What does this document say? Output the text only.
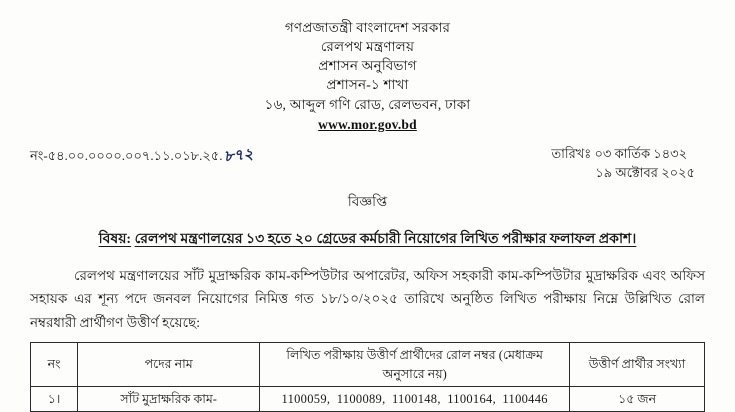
গণপ্রজাতন্ত্রী বাংলাদেশ সরকার
রেলপথ মন্ত্রণালয়
প্রশাসন অনুবিভাগ
প্রশাসন-১ শাখা
১৬, আব্দুল গণি রোড, রেলভবন, ঢাকা
www.mor.gov.bd
নং-৫৪.০০.০০০০.০০৭.১১.০১৮.২৫.৮৭২	তারিখঃ ০৩ কার্তিক ১৪৩২
১৯ অক্টোবর ২০২৫
বিজ্ঞপ্তি
বিষয়: রেলপথ মন্ত্রণালয়ের ১৩ হতে ২০ গ্রেডের কর্মচারী নিয়োগের লিখিত পরীক্ষার ফলাফল প্রকাশ।
রেলপথ মন্ত্রণালয়ের সাঁট মুদ্রাক্ষরিক কাম-কম্পিউটার অপারেটর, অফিস সহকারী কাম-কম্পিউটার মুদ্রাক্ষরিক এবং অফিস সহায়ক এর শূন্য পদে জনবল নিয়োগের নিমিত্ত গত ১৮/১০/২০২৫ তারিখে অনুষ্ঠিত লিখিত পরীক্ষায় নিম্নে উল্লিখিত রোল নম্বরধারী প্রার্থীগণ উত্তীর্ণ হয়েছে:
নং	পদের নাম	লিখিত পরীক্ষায় উত্তীর্ণ প্রার্থীদের রোল নম্বর (মেধাক্রম অনুসারে নয়)	উত্তীর্ণ প্রার্থীর সংখ্যা
১।	সাঁট মুদ্রাক্ষরিক কাম-	1100059, 1100089, 1100148, 1100164, 1100446	১৫ জন
